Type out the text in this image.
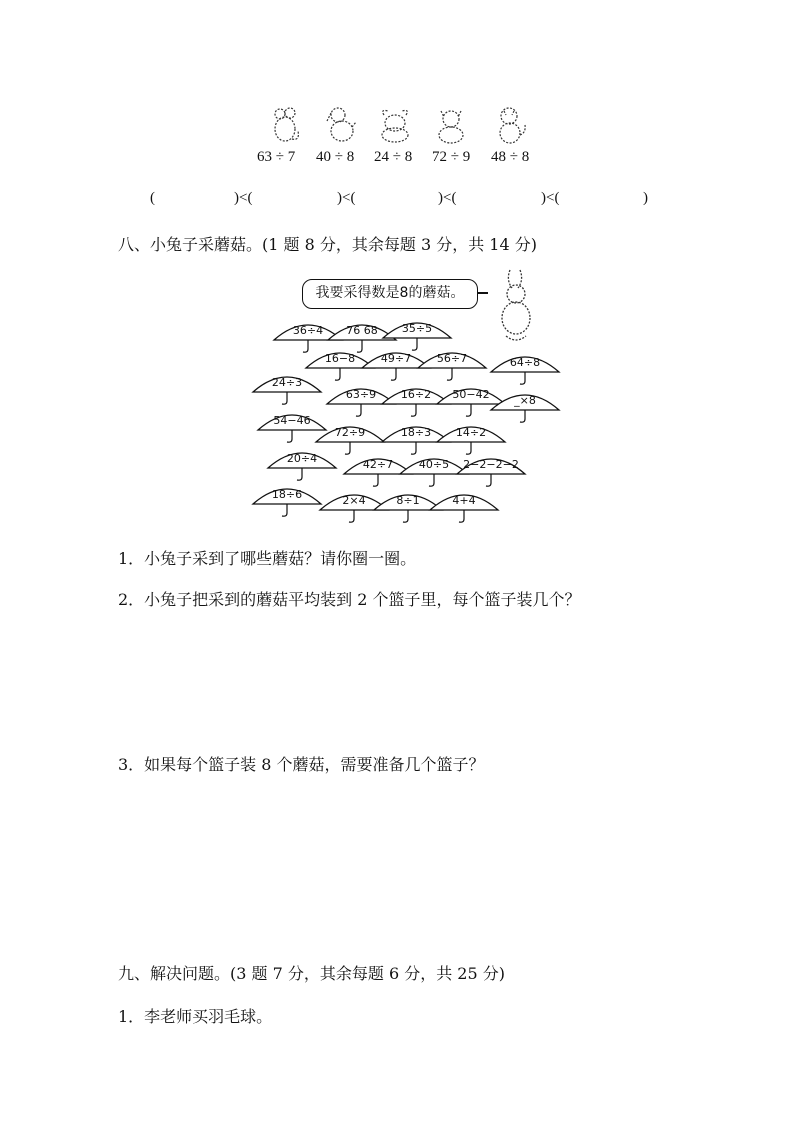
63 ÷ 7 40 ÷ 8 24 ÷ 8 72 ÷ 9 48 ÷ 8
(	)<(	)<(	)<(	)<(	)
八、小兔子采蘑菇。(1 题 8 分，其余每题 3 分，共 14 分)
我要采得数是8的蘑菇。
36÷4	76 68	35÷5
16−8	49÷7	56÷7	64÷8
24÷3
63÷9	16÷2	50−42	_×8
54−46
72÷9	18÷3	14÷2
20÷4	42÷7	40÷5	2−2−2−2
18÷6	2×4	8÷1	4+4
1．小兔子采到了哪些蘑菇？请你圈一圈。
2．小兔子把采到的蘑菇平均装到 2 个篮子里，每个篮子装几个？
3．如果每个篮子装 8 个蘑菇，需要准备几个篮子？
九、解决问题。(3 题 7 分，其余每题 6 分，共 25 分)
1．李老师买羽毛球。
